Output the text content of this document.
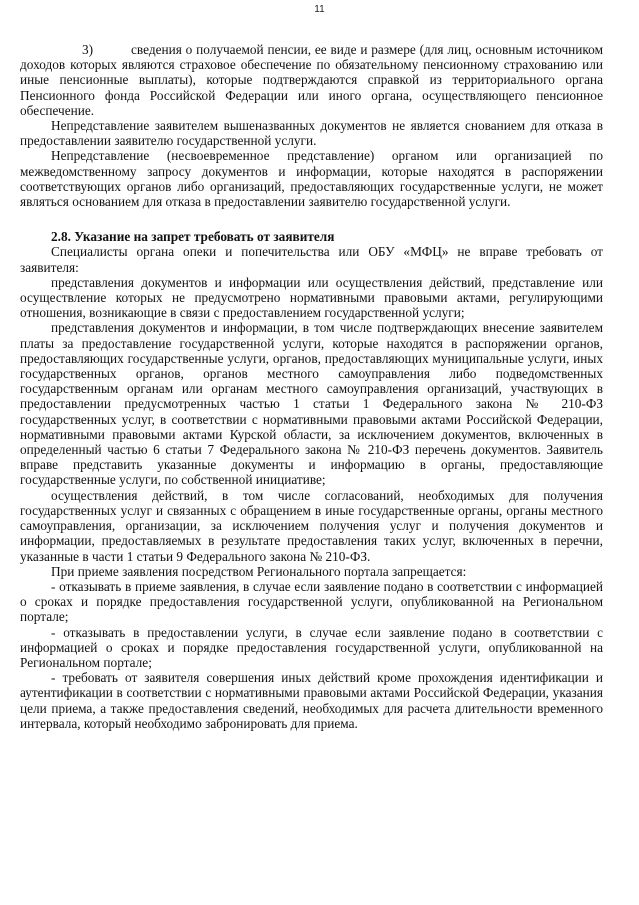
11

3)	сведения о получаемой пенсии, ее виде и размере (для лиц, основным источником доходов которых являются страховое обеспечение по обязательному пенсионному страхованию или иные пенсионные выплаты), которые подтверждаются справкой из территориального органа Пенсионного фонда Российской Федерации или иного органа, осуществляющего пенсионное обеспечение.

Непредставление заявителем вышеназванных документов не является снованием для отказа в предоставлении заявителю государственной услуги.

Непредставление (несвоевременное представление) органом или организацией по межведомственному запросу документов и информации, которые находятся в распоряжении соответствующих органов либо организаций, предоставляющих государственные услуги, не может являться основанием для отказа в предоставлении заявителю государственной услуги.

2.8. Указание на запрет требовать от заявителя

Специалисты органа опеки и попечительства или ОБУ «МФЦ» не вправе требовать от заявителя:

представления документов и информации или осуществления действий, представление или осуществление которых не предусмотрено нормативными правовыми актами, регулирующими отношения, возникающие в связи с предоставлением государственной услуги;

представления документов и информации, в том числе подтверждающих внесение заявителем платы за предоставление государственной услуги, которые находятся в распоряжении органов, предоставляющих государственные услуги, органов, предоставляющих муниципальные услуги, иных государственных органов, органов местного самоуправления либо подведомственных государственным органам или органам местного самоуправления организаций, участвующих в предоставлении предусмотренных частью 1 статьи 1 Федерального закона № 210-ФЗ государственных услуг, в соответствии с нормативными правовыми актами Российской Федерации, нормативными правовыми актами Курской области, за исключением документов, включенных в определенный частью 6 статьи 7 Федерального закона № 210-ФЗ перечень документов. Заявитель вправе представить указанные документы и информацию в органы, предоставляющие государственные услуги, по собственной инициативе;

осуществления действий, в том числе согласований, необходимых для получения государственных услуг и связанных с обращением в иные государственные органы, органы местного самоуправления, организации, за исключением получения услуг и получения документов и информации, предоставляемых в результате предоставления таких услуг, включенных в перечни, указанные в части 1 статьи 9 Федерального закона № 210-ФЗ.

При приеме заявления посредством Регионального портала запрещается:

- отказывать в приеме заявления, в случае если заявление подано в соответствии с информацией о сроках и порядке предоставления государственной услуги, опубликованной на Региональном портале;

- отказывать в предоставлении услуги, в случае если заявление подано в соответствии с информацией о сроках и порядке предоставления государственной услуги, опубликованной на Региональном портале;

- требовать от заявителя совершения иных действий кроме прохождения идентификации и аутентификации в соответствии с нормативными правовыми актами Российской Федерации, указания цели приема, а также предоставления сведений, необходимых для расчета длительности временного интервала, который необходимо забронировать для приема.
